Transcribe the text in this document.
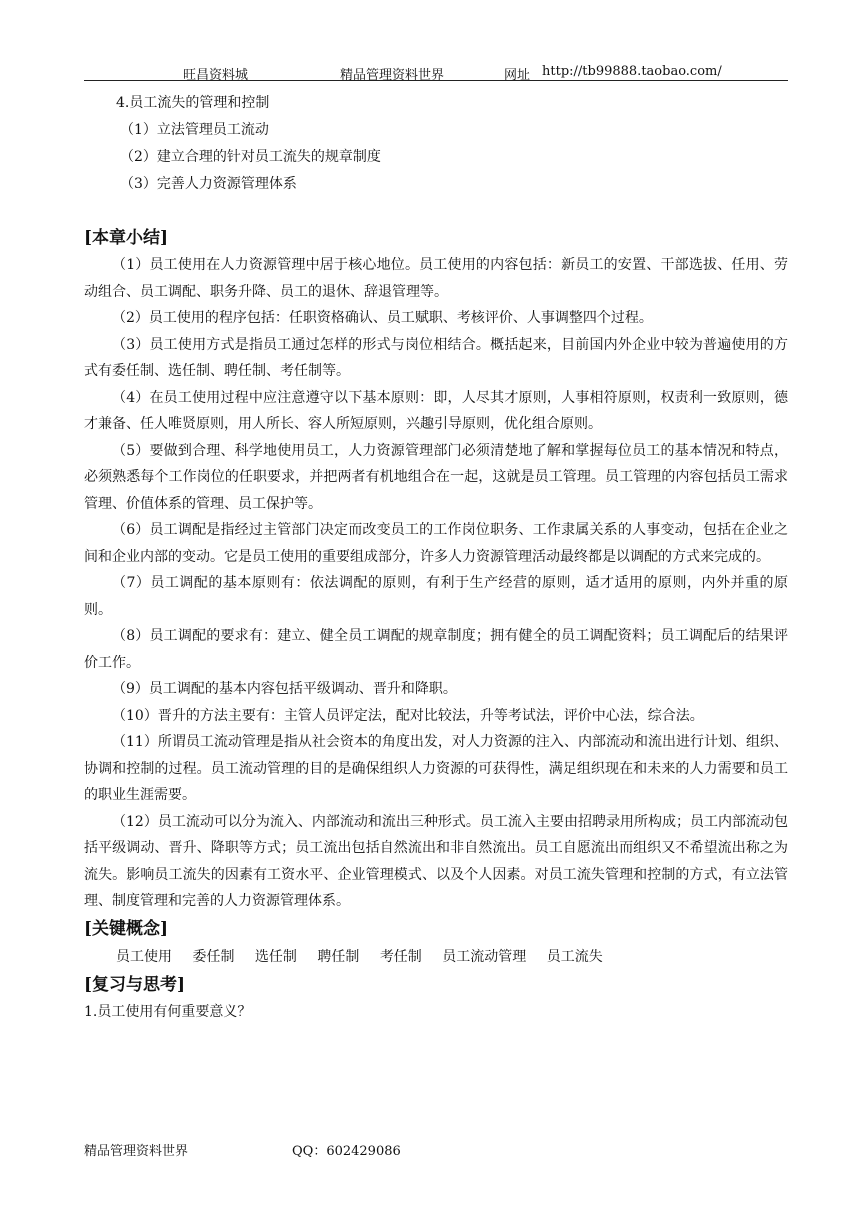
旺昌资料城	精品管理资料世界	网址 http://tb99888.taobao.com/
4.员工流失的管理和控制
（1）立法管理员工流动
（2）建立合理的针对员工流失的规章制度
（3）完善人力资源管理体系
[本章小结]

（1）员工使用在人力资源管理中居于核心地位。员工使用的内容包括：新员工的安置、干部选拔、任用、劳动组合、员工调配、职务升降、员工的退休、辞退管理等。

（2）员工使用的程序包括：任职资格确认、员工赋职、考核评价、人事调整四个过程。

（3）员工使用方式是指员工通过怎样的形式与岗位相结合。概括起来，目前国内外企业中较为普遍使用的方式有委任制、选任制、聘任制、考任制等。

（4）在员工使用过程中应注意遵守以下基本原则：即，人尽其才原则，人事相符原则，权责利一致原则，德才兼备、任人唯贤原则，用人所长、容人所短原则，兴趣引导原则，优化组合原则。

（5）要做到合理、科学地使用员工，人力资源管理部门必须清楚地了解和掌握每位员工的基本情况和特点，必须熟悉每个工作岗位的任职要求，并把两者有机地组合在一起，这就是员工管理。员工管理的内容包括员工需求管理、价值体系的管理、员工保护等。

（6）员工调配是指经过主管部门决定而改变员工的工作岗位职务、工作隶属关系的人事变动，包括在企业之间和企业内部的变动。它是员工使用的重要组成部分，许多人力资源管理活动最终都是以调配的方式来完成的。

（7）员工调配的基本原则有：依法调配的原则，有利于生产经营的原则，适才适用的原则，内外并重的原则。

（8）员工调配的要求有：建立、健全员工调配的规章制度；拥有健全的员工调配资料；员工调配后的结果评价工作。

（9）员工调配的基本内容包括平级调动、晋升和降职。

（10）晋升的方法主要有：主管人员评定法，配对比较法，升等考试法，评价中心法，综合法。

（11）所谓员工流动管理是指从社会资本的角度出发，对人力资源的注入、内部流动和流出进行计划、组织、协调和控制的过程。员工流动管理的目的是确保组织人力资源的可获得性，满足组织现在和未来的人力需要和员工的职业生涯需要。

（12）员工流动可以分为流入、内部流动和流出三种形式。员工流入主要由招聘录用所构成；员工内部流动包括平级调动、晋升、降职等方式；员工流出包括自然流出和非自然流出。员工自愿流出而组织又不希望流出称之为流失。影响员工流失的因素有工资水平、企业管理模式、以及个人因素。对员工流失管理和控制的方式，有立法管理、制度管理和完善的人力资源管理体系。

[关键概念]
员工使用 委任制 选任制 聘任制 考任制 员工流动管理 员工流失
[复习与思考]
1.员工使用有何重要意义？
精品管理资料世界	QQ：602429086
